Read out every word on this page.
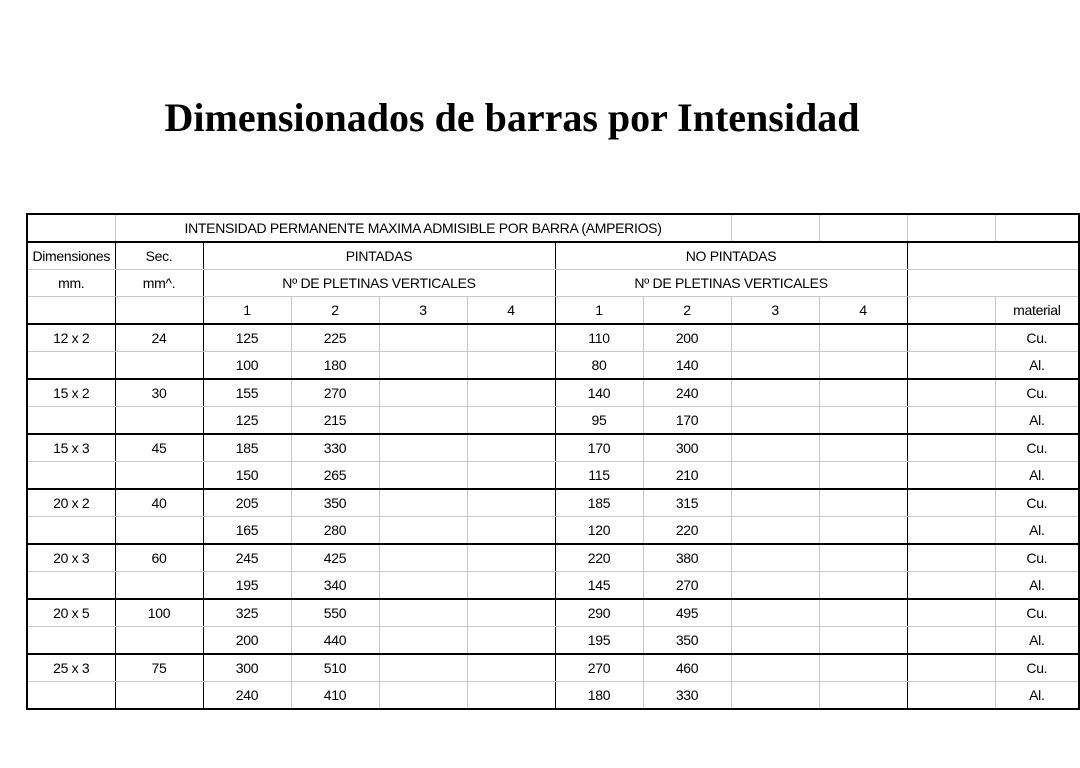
Dimensionados de barras por Intensidad
	INTENSIDAD PERMANENTE MAXIMA ADMISIBLE POR BARRA (AMPERIOS)										
Dimensiones	Sec.	PINTADAS				NO PINTADAS					
mm.	mm^.	Nº DE PLETINAS VERTICALES				Nº DE PLETINAS VERTICALES					
		1	2	3	4	1	2	3	4		material
12 x 2	24	125	225			110	200				Cu.
		100	180			80	140				Al.
15 x 2	30	155	270			140	240				Cu.
		125	215			95	170				Al.
15 x 3	45	185	330			170	300				Cu.
		150	265			115	210				Al.
20 x 2	40	205	350			185	315				Cu.
		165	280			120	220				Al.
20 x 3	60	245	425			220	380				Cu.
		195	340			145	270				Al.
20 x 5	100	325	550			290	495				Cu.
		200	440			195	350				Al.
25 x 3	75	300	510			270	460				Cu.
		240	410			180	330				Al.
